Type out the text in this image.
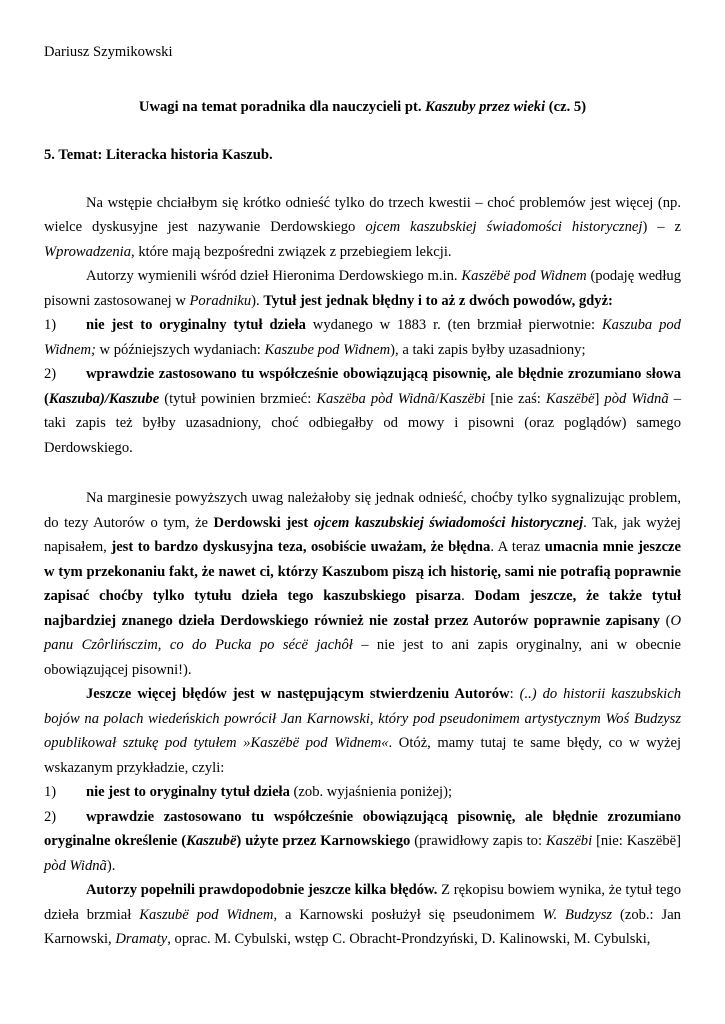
Dariusz Szymikowski

Uwagi na temat poradnika dla nauczycieli pt. Kaszuby przez wieki (cz. 5)

5. Temat: Literacka historia Kaszub.

Na wstępie chciałbym się krótko odnieść tylko do trzech kwestii – choć problemów jest więcej (np. wielce dyskusyjne jest nazywanie Derdowskiego ojcem kaszubskiej świadomości historycznej) – z Wprowadzenia, które mają bezpośredni związek z przebiegiem lekcji.

Autorzy wymienili wśród dzieł Hieronima Derdowskiego m.in. Kaszëbë pod Widnem (podaję według pisowni zastosowanej w Poradniku). Tytuł jest jednak błędny i to aż z dwóch powodów, gdyż:

1) nie jest to oryginalny tytuł dzieła wydanego w 1883 r. (ten brzmiał pierwotnie: Kaszuba pod Widnem; w późniejszych wydaniach: Kaszube pod Widnem), a taki zapis byłby uzasadniony;

2) wprawdzie zastosowano tu współcześnie obowiązującą pisownię, ale błędnie zrozumiano słowa (Kaszuba)/Kaszube (tytuł powinien brzmieć: Kaszëba pòd Widnã/Kaszëbi [nie zaś: Kaszëbë] pòd Widnã – taki zapis też byłby uzasadniony, choć odbiegałby od mowy i pisowni (oraz poglądów) samego Derdowskiego.

Na marginesie powyższych uwag należałoby się jednak odnieść, choćby tylko sygnalizując problem, do tezy Autorów o tym, że Derdowski jest ojcem kaszubskiej świadomości historycznej. Tak, jak wyżej napisałem, jest to bardzo dyskusyjna teza, osobiście uważam, że błędna. A teraz umacnia mnie jeszcze w tym przekonaniu fakt, że nawet ci, którzy Kaszubom piszą ich historię, sami nie potrafią poprawnie zapisać choćby tylko tytułu dzieła tego kaszubskiego pisarza. Dodam jeszcze, że także tytuł najbardziej znanego dzieła Derdowskiego również nie został przez Autorów poprawnie zapisany (O panu Czôrlińsczim, co do Pucka po sécë jachôł – nie jest to ani zapis oryginalny, ani w obecnie obowiązującej pisowni!).

Jeszcze więcej błędów jest w następującym stwierdzeniu Autorów: (..) do historii kaszubskich bojów na polach wiedeńskich powrócił Jan Karnowski, który pod pseudonimem artystycznym Woś Budzysz opublikował sztukę pod tytułem »Kaszëbë pod Widnem«. Otóż, mamy tutaj te same błędy, co w wyżej wskazanym przykładzie, czyli:

1) nie jest to oryginalny tytuł dzieła (zob. wyjaśnienia poniżej);

2) wprawdzie zastosowano tu współcześnie obowiązującą pisownię, ale błędnie zrozumiano oryginalne określenie (Kaszubë) użyte przez Karnowskiego (prawidłowy zapis to: Kaszëbi [nie: Kaszëbë] pòd Widnã).

Autorzy popełnili prawdopodobnie jeszcze kilka błędów. Z rękopisu bowiem wynika, że tytuł tego dzieła brzmiał Kaszubë pod Widnem, a Karnowski posłużył się pseudonimem W. Budzysz (zob.: Jan Karnowski, Dramaty, oprac. M. Cybulski, wstęp C. Obracht-Prondzyński, D. Kalinowski, M. Cybulski,
